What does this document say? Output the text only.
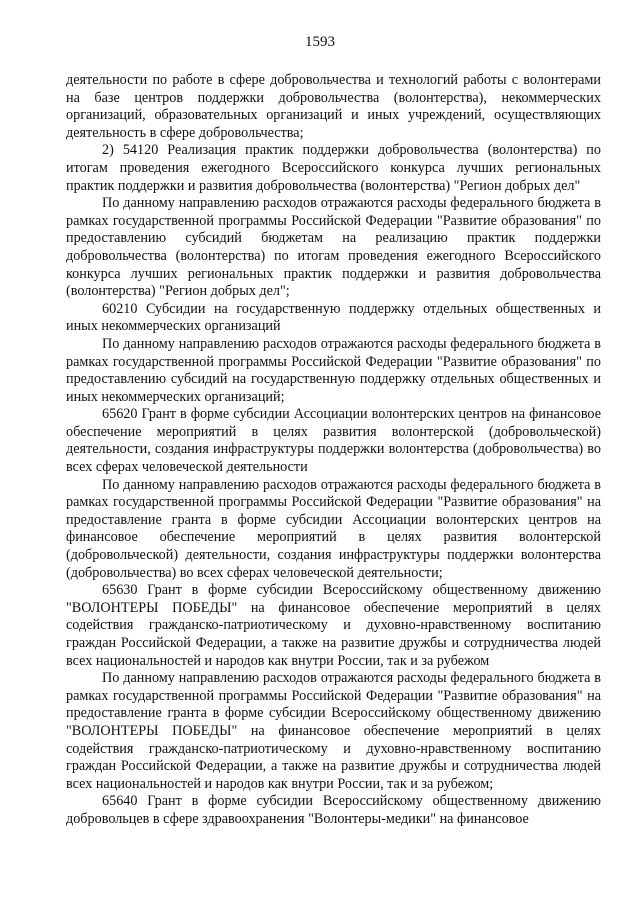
1593

деятельности по работе в сфере добровольчества и технологий работы с волонтерами на базе центров поддержки добровольчества (волонтерства), некоммерческих организаций, образовательных организаций и иных учреждений, осуществляющих деятельность в сфере добровольчества;

2) 54120 Реализация практик поддержки добровольчества (волонтерства) по итогам проведения ежегодного Всероссийского конкурса лучших региональных практик поддержки и развития добровольчества (волонтерства) "Регион добрых дел"

По данному направлению расходов отражаются расходы федерального бюджета в рамках государственной программы Российской Федерации "Развитие образования" по предоставлению субсидий бюджетам на реализацию практик поддержки добровольчества (волонтерства) по итогам проведения ежегодного Всероссийского конкурса лучших региональных практик поддержки и развития добровольчества (волонтерства) "Регион добрых дел";

60210 Субсидии на государственную поддержку отдельных общественных и иных некоммерческих организаций

По данному направлению расходов отражаются расходы федерального бюджета в рамках государственной программы Российской Федерации "Развитие образования" по предоставлению субсидий на государственную поддержку отдельных общественных и иных некоммерческих организаций;

65620 Грант в форме субсидии Ассоциации волонтерских центров на финансовое обеспечение мероприятий в целях развития волонтерской (добровольческой) деятельности, создания инфраструктуры поддержки волонтерства (добровольчества) во всех сферах человеческой деятельности

По данному направлению расходов отражаются расходы федерального бюджета в рамках государственной программы Российской Федерации "Развитие образования" на предоставление гранта в форме субсидии Ассоциации волонтерских центров на финансовое обеспечение мероприятий в целях развития волонтерской (добровольческой) деятельности, создания инфраструктуры поддержки волонтерства (добровольчества) во всех сферах человеческой деятельности;

65630 Грант в форме субсидии Всероссийскому общественному движению "ВОЛОНТЕРЫ ПОБЕДЫ" на финансовое обеспечение мероприятий в целях содействия гражданско-патриотическому и духовно-нравственному воспитанию граждан Российской Федерации, а также на развитие дружбы и сотрудничества людей всех национальностей и народов как внутри России, так и за рубежом

По данному направлению расходов отражаются расходы федерального бюджета в рамках государственной программы Российской Федерации "Развитие образования" на предоставление гранта в форме субсидии Всероссийскому общественному движению "ВОЛОНТЕРЫ ПОБЕДЫ" на финансовое обеспечение мероприятий в целях содействия гражданско-патриотическому и духовно-нравственному воспитанию граждан Российской Федерации, а также на развитие дружбы и сотрудничества людей всех национальностей и народов как внутри России, так и за рубежом;

65640 Грант в форме субсидии Всероссийскому общественному движению добровольцев в сфере здравоохранения "Волонтеры-медики" на финансовое
